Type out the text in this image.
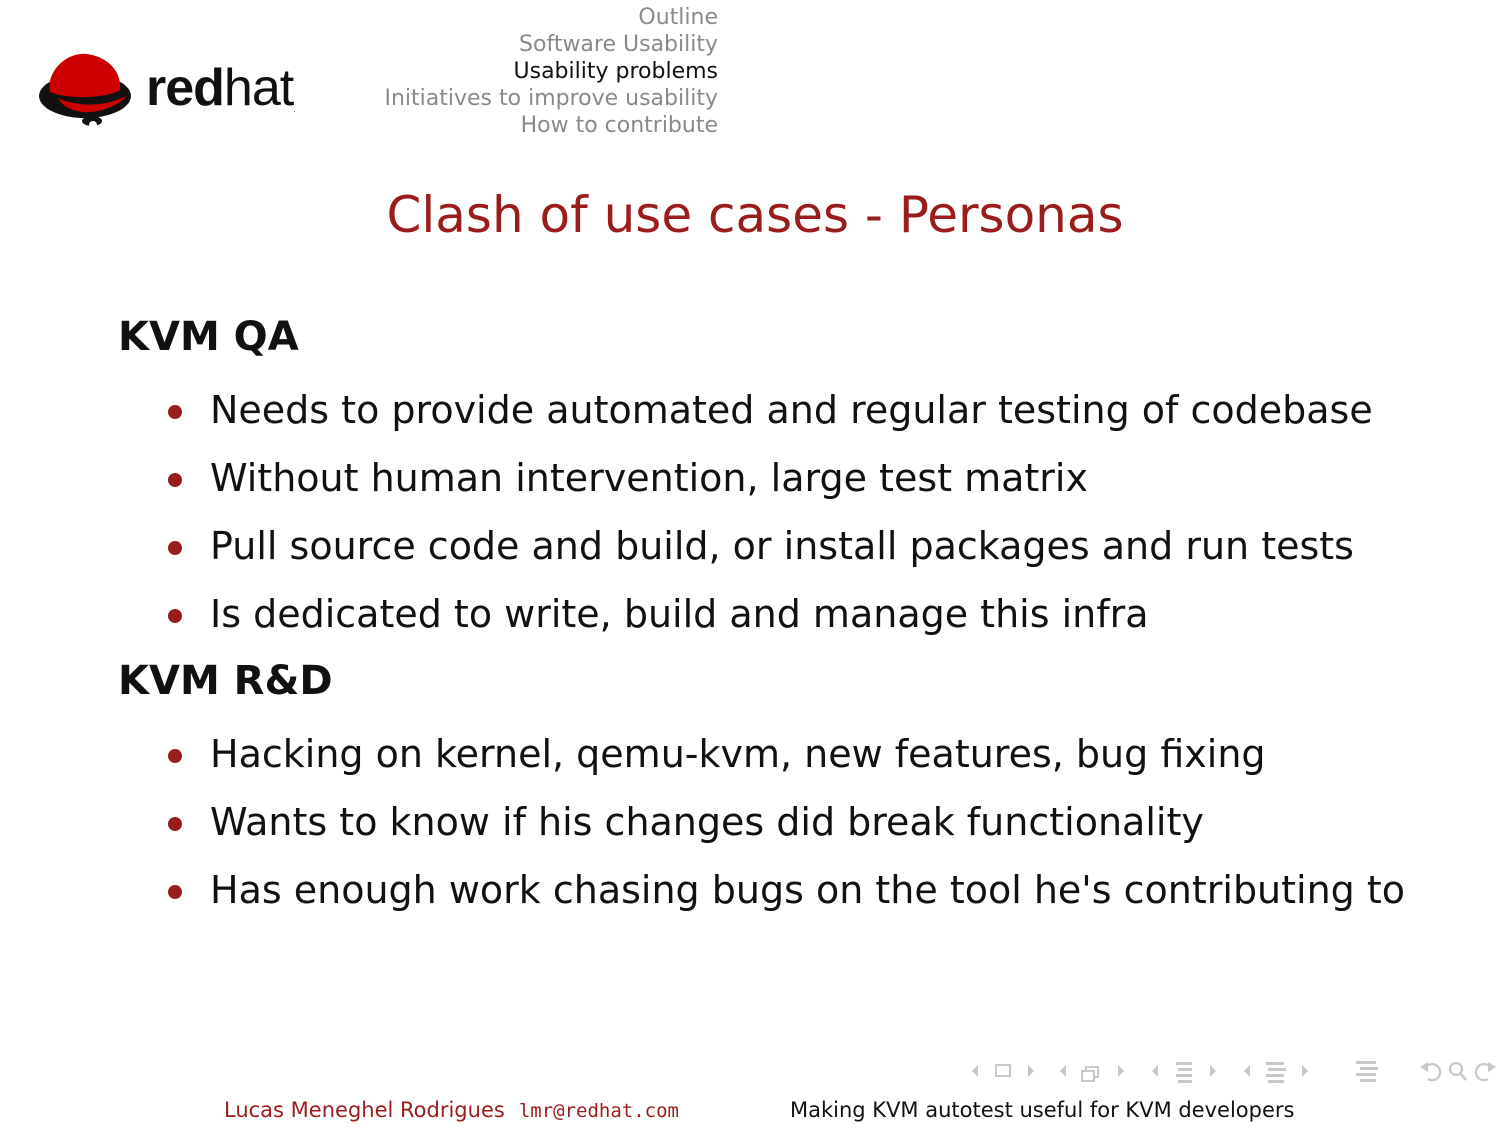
redhat.
Outline
Software Usability
Usability problems
Initiatives to improve usability
How to contribute
Clash of use cases - Personas
KVM QA
Needs to provide automated and regular testing of codebase
Without human intervention, large test matrix
Pull source code and build, or install packages and run tests
Is dedicated to write, build and manage this infra
KVM R&D
Hacking on kernel, qemu-kvm, new features, bug fixing
Wants to know if his changes did break functionality
Has enough work chasing bugs on the tool he's contributing to
Lucas Meneghel Rodrigues lmr@redhat.com	Making KVM autotest useful for KVM developers
